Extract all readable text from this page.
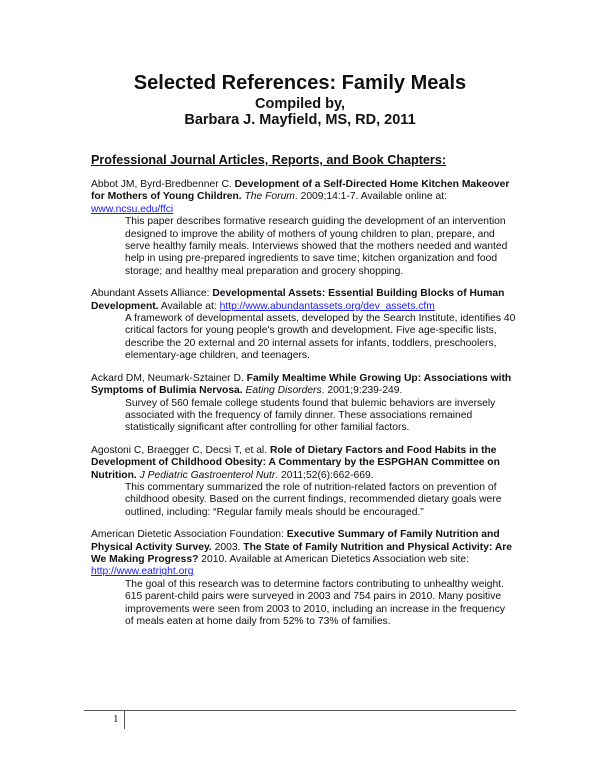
Selected References: Family Meals

Compiled by,

Barbara J. Mayfield, MS, RD, 2011

Professional Journal Articles, Reports, and Book Chapters:

Abbot JM, Byrd-Bredbenner C. Development of a Self-Directed Home Kitchen Makeover for Mothers of Young Children. The Forum. 2009;14:1-7. Available online at: www.ncsu.edu/ffci

This paper describes formative research guiding the development of an intervention designed to improve the ability of mothers of young children to plan, prepare, and serve healthy family meals. Interviews showed that the mothers needed and wanted help in using pre-prepared ingredients to save time; kitchen organization and food storage; and healthy meal preparation and grocery shopping.

Abundant Assets Alliance: Developmental Assets: Essential Building Blocks of Human Development. Available at: http://www.abundantassets.org/dev_assets.cfm

A framework of developmental assets, developed by the Search Institute, identifies 40 critical factors for young people's growth and development. Five age-specific lists, describe the 20 external and 20 internal assets for infants, toddlers, preschoolers, elementary-age children, and teenagers.

Ackard DM, Neumark-Sztainer D. Family Mealtime While Growing Up: Associations with Symptoms of Bulimia Nervosa. Eating Disorders. 2001;9:239-249.

Survey of 560 female college students found that bulemic behaviors are inversely associated with the frequency of family dinner. These associations remained statistically significant after controlling for other familial factors.

Agostoni C, Braegger C, Decsi T, et al. Role of Dietary Factors and Food Habits in the Development of Childhood Obesity: A Commentary by the ESPGHAN Committee on Nutrition. J Pediatric Gastroenterol Nutr. 2011;52(6):662-669.

This commentary summarized the role of nutrition-related factors on prevention of childhood obesity. Based on the current findings, recommended dietary goals were outlined, including: “Regular family meals should be encouraged.”

American Dietetic Association Foundation: Executive Summary of Family Nutrition and Physical Activity Survey. 2003. The State of Family Nutrition and Physical Activity: Are We Making Progress? 2010. Available at American Dietetics Association web site: http://www.eatright.org

The goal of this research was to determine factors contributing to unhealthy weight. 615 parent-child pairs were surveyed in 2003 and 754 pairs in 2010. Many positive improvements were seen from 2003 to 2010, including an increase in the frequency of meals eaten at home daily from 52% to 73% of families.

1
